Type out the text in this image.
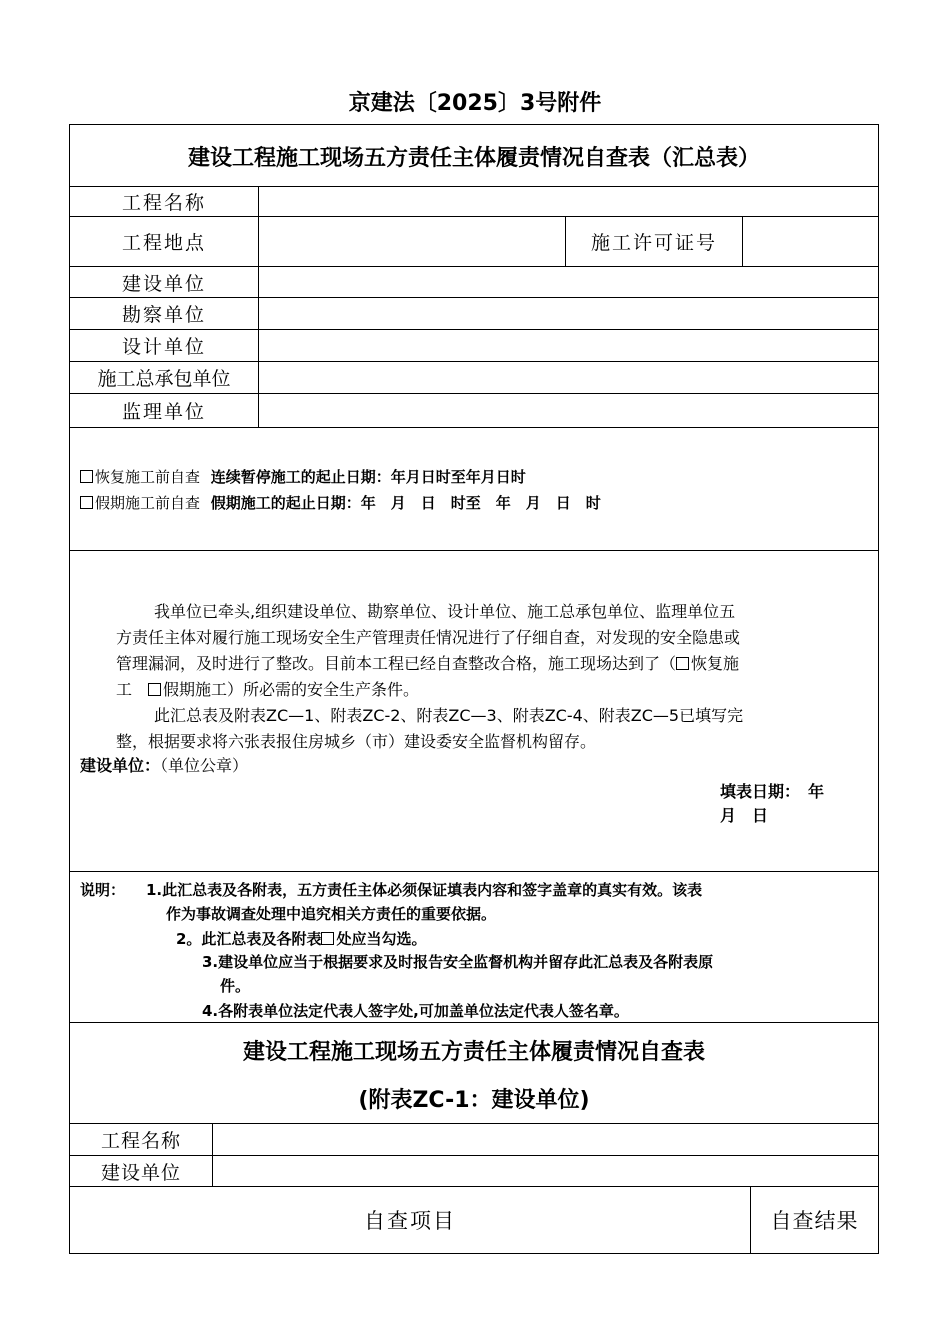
京建法〔2025〕3号附件
建设工程施工现场五方责任主体履责情况自查表（汇总表）
工程名称
工程地点	施工许可证号
建设单位
勘察单位
设计单位
施工总承包单位
监理单位
恢复施工前自查 连续暂停施工的起止日期：年月日时至年月日时
假期施工前自查 假期施工的起止日期：年　月　日　时至　年　月　日　时
我单位已牵头,组织建设单位、勘察单位、设计单位、施工总承包单位、监理单位五
方责任主体对履行施工现场安全生产管理责任情况进行了仔细自查，对发现的安全隐患或
管理漏洞，及时进行了整改。目前本工程已经自查整改合格，施工现场达到了（ 恢复施
工　假期施工）所必需的安全生产条件。
此汇总表及附表ZC—1、附表ZC-2、附表ZC—3、附表ZC-4、附表ZC—5已填写完
整，根据要求将六张表报住房城乡（市）建设委安全监督机构留存。
建设单位：（单位公章）
填表日期：　年
月　日
说明： 1.此汇总表及各附表，五方责任主体必须保证填表内容和签字盖章的真实有效。该表
作为事故调查处理中追究相关方责任的重要依据。
2。此汇总表及各附表 处应当勾选。
3.建设单位应当于根据要求及时报告安全监督机构并留存此汇总表及各附表原
件。
4.各附表单位法定代表人签字处,可加盖单位法定代表人签名章。
建设工程施工现场五方责任主体履责情况自查表
(附表ZC-1：建设单位)
工程名称
建设单位
自查项目	自查结果
